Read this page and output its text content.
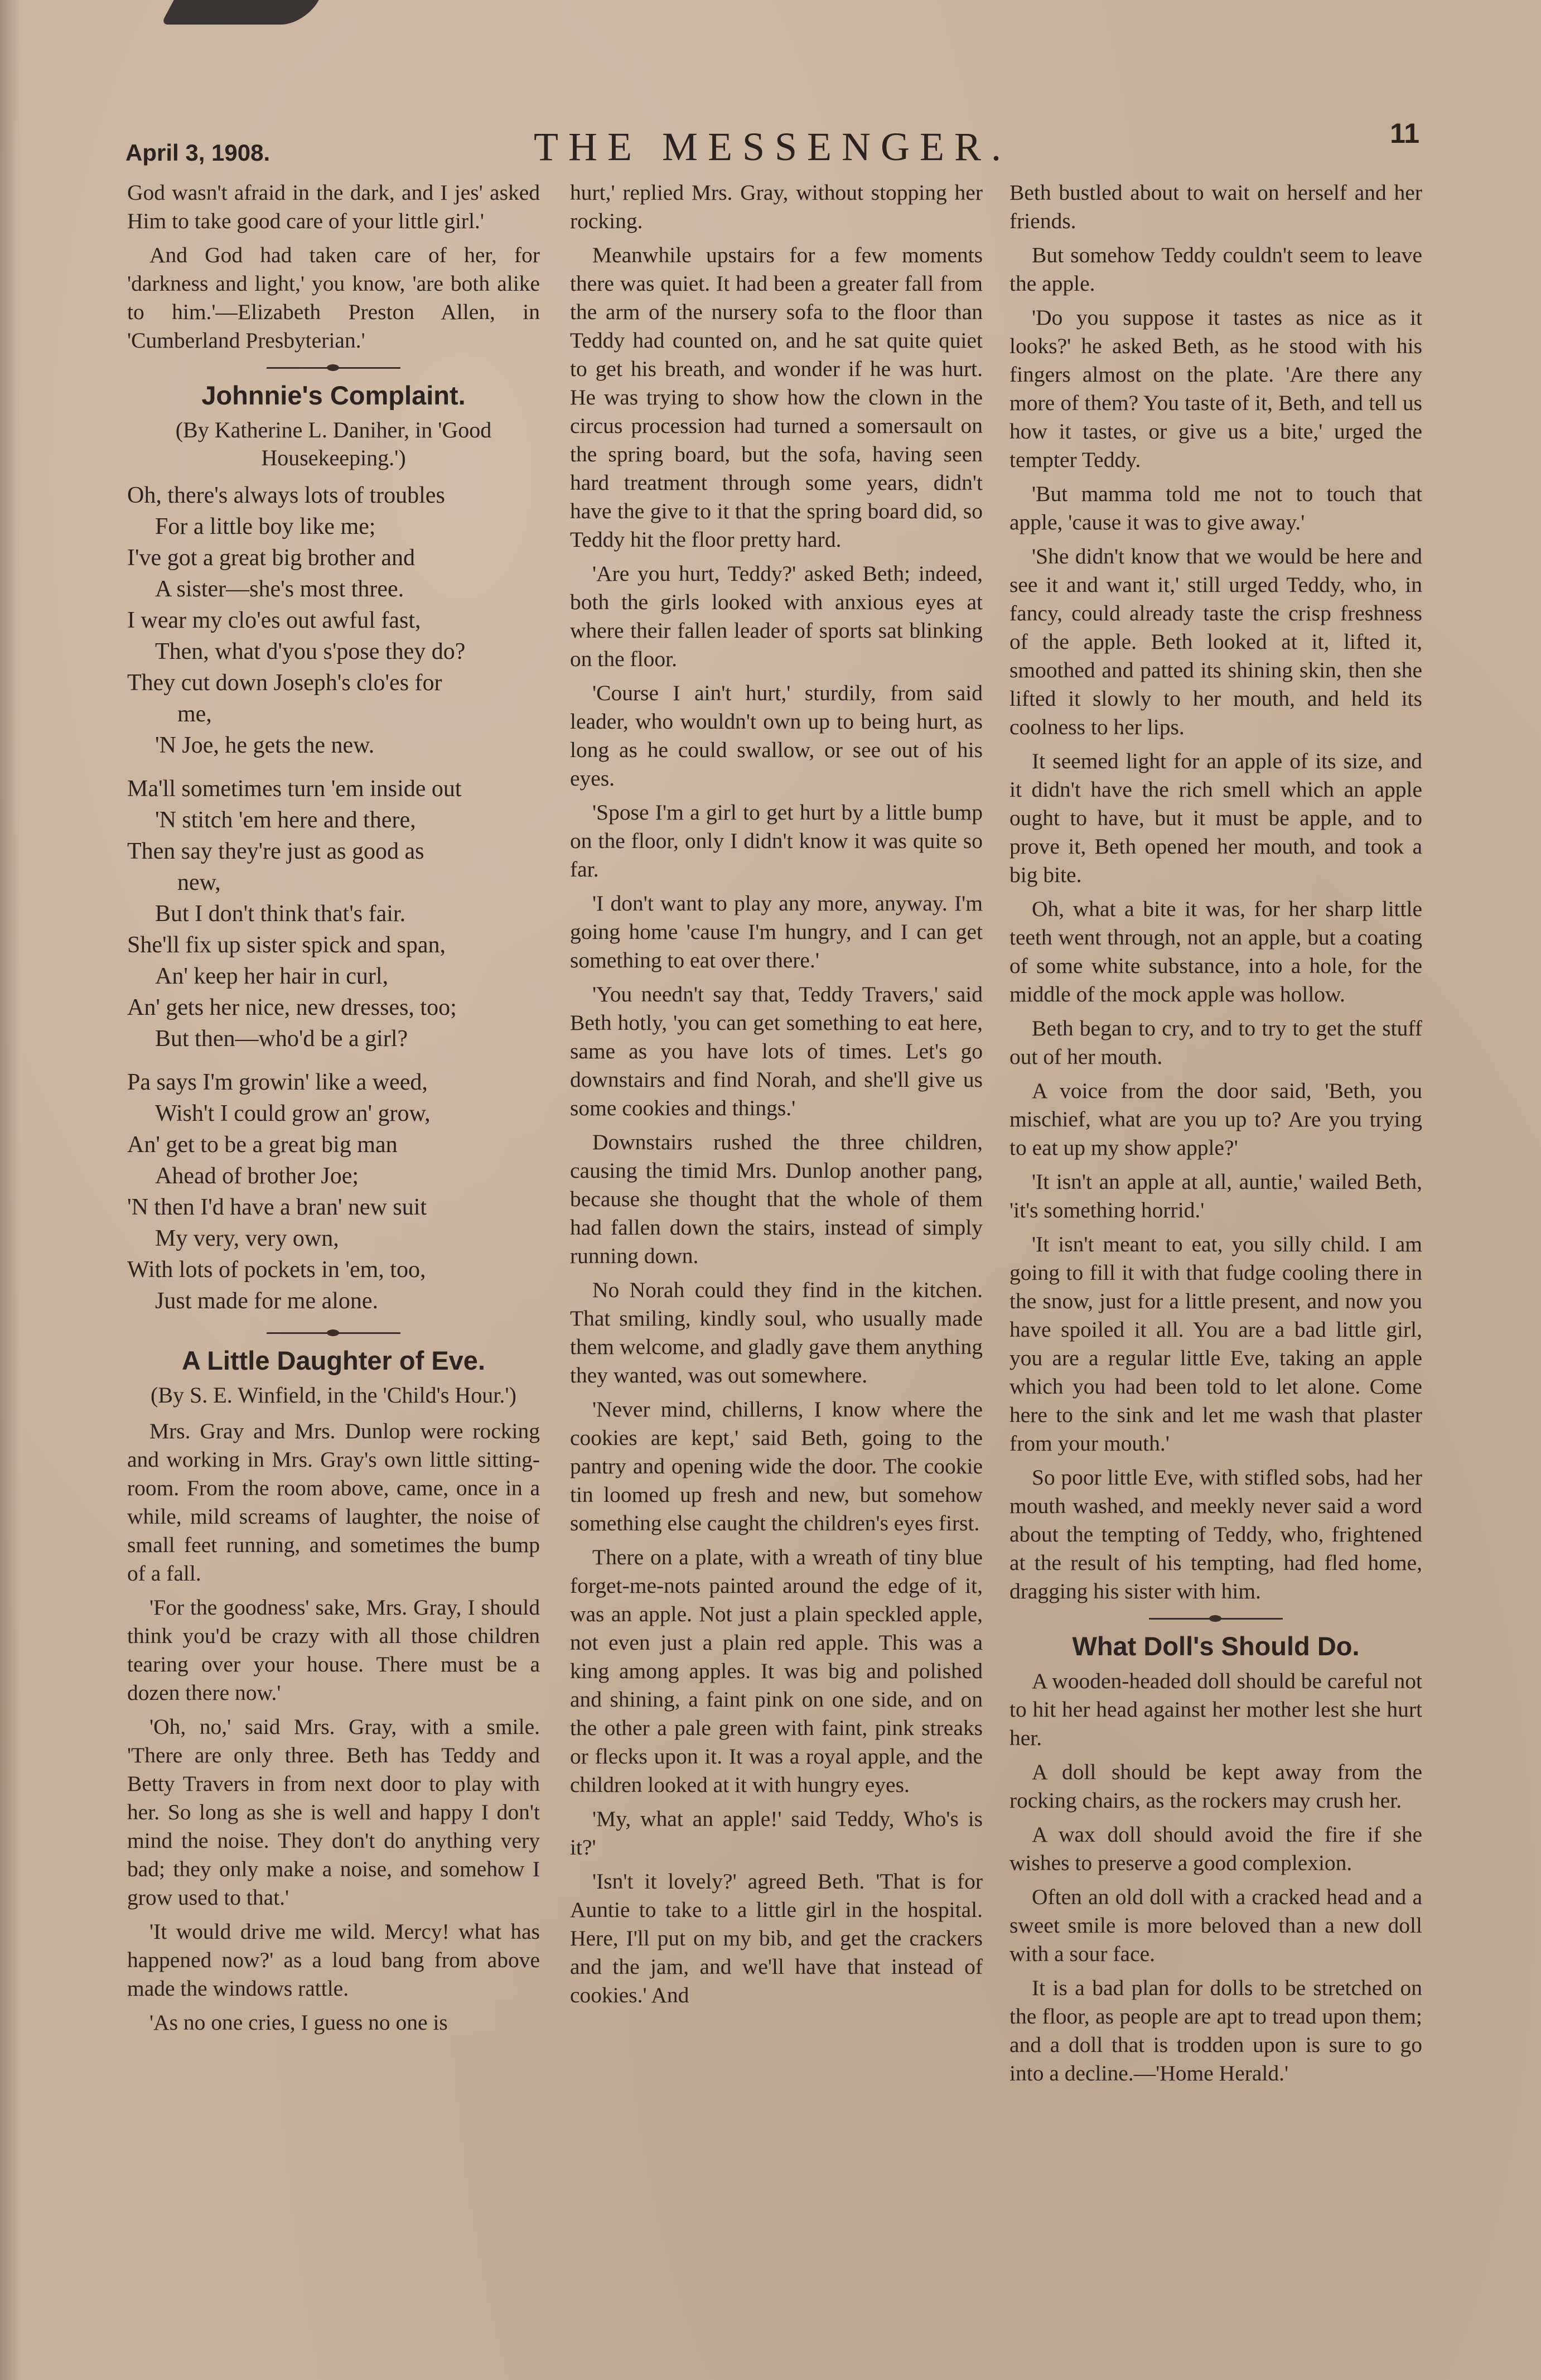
April 3, 1908.	THE MESSENGER.	11

God wasn't afraid in the dark, and I jes' asked Him to take good care of your little girl.'

And God had taken care of her, for 'darkness and light,' you know, 'are both alike to him.'—Elizabeth Preston Allen, in 'Cumberland Presbyterian.'

Johnnie's Complaint.
(By Katherine L. Daniher, in 'Good Housekeeping.')
Oh, there's always lots of troubles
For a little boy like me;
I've got a great big brother and
A sister—she's most three.
I wear my clo'es out awful fast,
Then, what d'you s'pose they do?
They cut down Joseph's clo'es for
me,
'N Joe, he gets the new.
Ma'll sometimes turn 'em inside out
'N stitch 'em here and there,
Then say they're just as good as
new,
But I don't think that's fair.
She'll fix up sister spick and span,
An' keep her hair in curl,
An' gets her nice, new dresses, too;
But then—who'd be a girl?
Pa says I'm growin' like a weed,
Wish't I could grow an' grow,
An' get to be a great big man
Ahead of brother Joe;
'N then I'd have a bran' new suit
My very, very own,
With lots of pockets in 'em, too,
Just made for me alone.
A Little Daughter of Eve.
(By S. E. Winfield, in the 'Child's Hour.')

Mrs. Gray and Mrs. Dunlop were rocking and working in Mrs. Gray's own little sitting-room. From the room above, came, once in a while, mild screams of laughter, the noise of small feet running, and sometimes the bump of a fall.

'For the goodness' sake, Mrs. Gray, I should think you'd be crazy with all those children tearing over your house. There must be a dozen there now.'

'Oh, no,' said Mrs. Gray, with a smile. 'There are only three. Beth has Teddy and Betty Travers in from next door to play with her. So long as she is well and happy I don't mind the noise. They don't do anything very bad; they only make a noise, and somehow I grow used to that.'

'It would drive me wild. Mercy! what has happened now?' as a loud bang from above made the windows rattle.

'As no one cries, I guess no one is

hurt,' replied Mrs. Gray, without stopping her rocking.

Meanwhile upstairs for a few moments there was quiet. It had been a greater fall from the arm of the nursery sofa to the floor than Teddy had counted on, and he sat quite quiet to get his breath, and wonder if he was hurt. He was trying to show how the clown in the circus procession had turned a somersault on the spring board, but the sofa, having seen hard treatment through some years, didn't have the give to it that the spring board did, so Teddy hit the floor pretty hard.

'Are you hurt, Teddy?' asked Beth; indeed, both the girls looked with anxious eyes at where their fallen leader of sports sat blinking on the floor.

'Course I ain't hurt,' sturdily, from said leader, who wouldn't own up to being hurt, as long as he could swallow, or see out of his eyes.

'Spose I'm a girl to get hurt by a little bump on the floor, only I didn't know it was quite so far.

'I don't want to play any more, anyway. I'm going home 'cause I'm hungry, and I can get something to eat over there.'

'You needn't say that, Teddy Travers,' said Beth hotly, 'you can get something to eat here, same as you have lots of times. Let's go downstairs and find Norah, and she'll give us some cookies and things.'

Downstairs rushed the three children, causing the timid Mrs. Dunlop another pang, because she thought that the whole of them had fallen down the stairs, instead of simply running down.

No Norah could they find in the kitchen. That smiling, kindly soul, who usually made them welcome, and gladly gave them anything they wanted, was out somewhere.

'Never mind, chillerns, I know where the cookies are kept,' said Beth, going to the pantry and opening wide the door. The cookie tin loomed up fresh and new, but somehow something else caught the children's eyes first.

There on a plate, with a wreath of tiny blue forget-me-nots painted around the edge of it, was an apple. Not just a plain speckled apple, not even just a plain red apple. This was a king among apples. It was big and polished and shining, a faint pink on one side, and on the other a pale green with faint, pink streaks or flecks upon it. It was a royal apple, and the children looked at it with hungry eyes.

'My, what an apple!' said Teddy, Who's is it?'

'Isn't it lovely?' agreed Beth. 'That is for Auntie to take to a little girl in the hospital. Here, I'll put on my bib, and get the crackers and the jam, and we'll have that instead of cookies.' And

Beth bustled about to wait on herself and her friends.

But somehow Teddy couldn't seem to leave the apple.

'Do you suppose it tastes as nice as it looks?' he asked Beth, as he stood with his fingers almost on the plate. 'Are there any more of them? You taste of it, Beth, and tell us how it tastes, or give us a bite,' urged the tempter Teddy.

'But mamma told me not to touch that apple, 'cause it was to give away.'

'She didn't know that we would be here and see it and want it,' still urged Teddy, who, in fancy, could already taste the crisp freshness of the apple. Beth looked at it, lifted it, smoothed and patted its shining skin, then she lifted it slowly to her mouth, and held its coolness to her lips.

It seemed light for an apple of its size, and it didn't have the rich smell which an apple ought to have, but it must be apple, and to prove it, Beth opened her mouth, and took a big bite.

Oh, what a bite it was, for her sharp little teeth went through, not an apple, but a coating of some white substance, into a hole, for the middle of the mock apple was hollow.

Beth began to cry, and to try to get the stuff out of her mouth.

A voice from the door said, 'Beth, you mischief, what are you up to? Are you trying to eat up my show apple?'

'It isn't an apple at all, auntie,' wailed Beth, 'it's something horrid.'

'It isn't meant to eat, you silly child. I am going to fill it with that fudge cooling there in the snow, just for a little present, and now you have spoiled it all. You are a bad little girl, you are a regular little Eve, taking an apple which you had been told to let alone. Come here to the sink and let me wash that plaster from your mouth.'

So poor little Eve, with stifled sobs, had her mouth washed, and meekly never said a word about the tempting of Teddy, who, frightened at the result of his tempting, had fled home, dragging his sister with him.

What Doll's Should Do.

A wooden-headed doll should be careful not to hit her head against her mother lest she hurt her.

A doll should be kept away from the rocking chairs, as the rockers may crush her.

A wax doll should avoid the fire if she wishes to preserve a good complexion.

Often an old doll with a cracked head and a sweet smile is more beloved than a new doll with a sour face.

It is a bad plan for dolls to be stretched on the floor, as people are apt to tread upon them; and a doll that is trodden upon is sure to go into a decline.—'Home Herald.'
